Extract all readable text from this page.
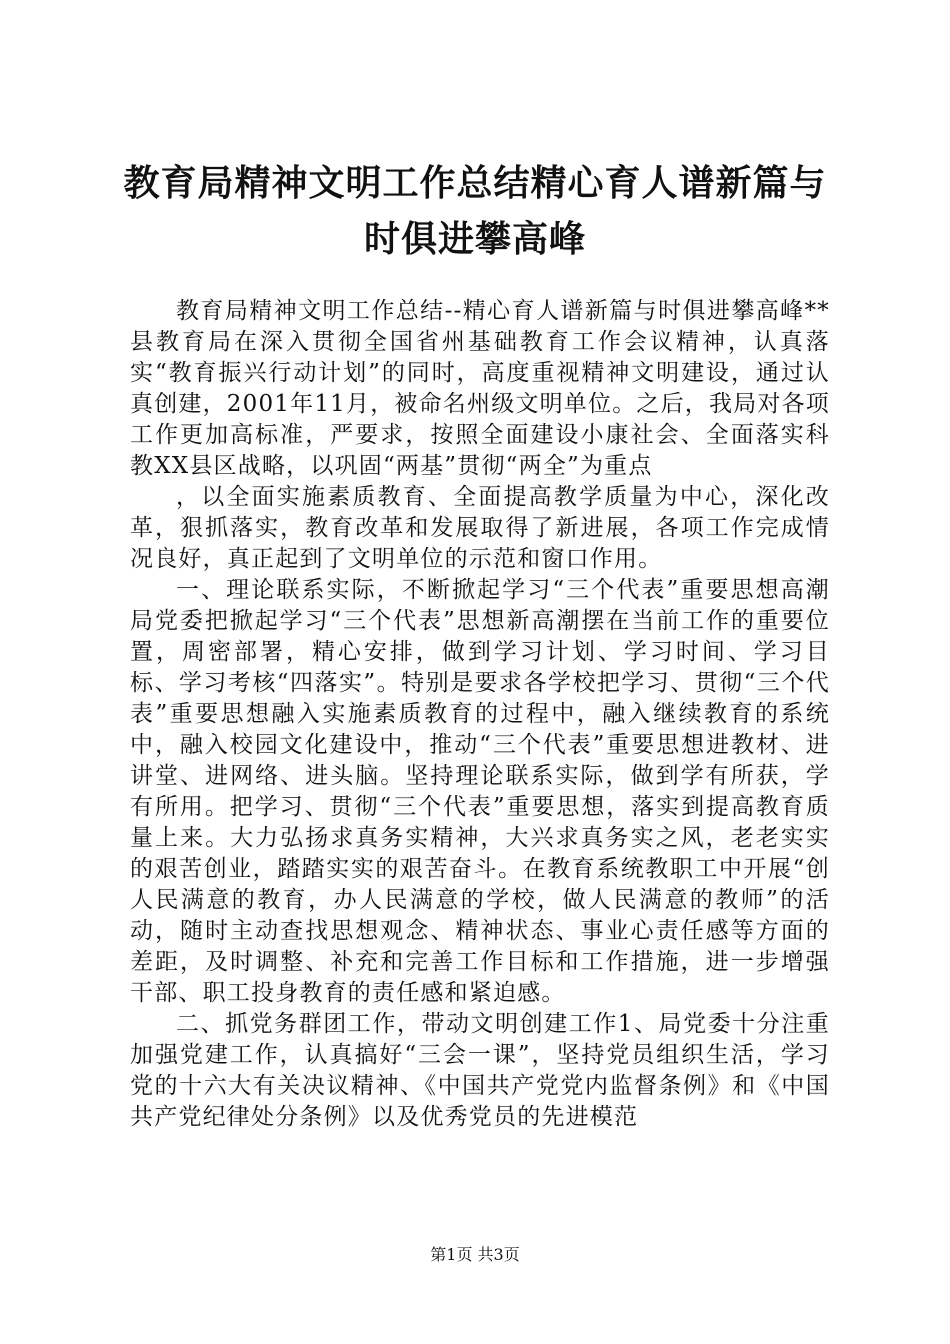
教育局精神文明工作总结精心育人谱新篇与时俱进攀高峰

教育局精神文明工作总结--精心育人谱新篇与时俱进攀高峰**县教育局在深入贯彻全国省州基础教育工作会议精神，认真落实“教育振兴行动计划”的同时，高度重视精神文明建设，通过认真创建，2001年11月，被命名州级文明单位。之后，我局对各项工作更加高标准，严要求，按照全面建设小康社会、全面落实科教XX县区战略，以巩固“两基”贯彻“两全”为重点

，以全面实施素质教育、全面提高教学质量为中心，深化改革，狠抓落实，教育改革和发展取得了新进展，各项工作完成情况良好，真正起到了文明单位的示范和窗口作用。

一、理论联系实际，不断掀起学习“三个代表”重要思想高潮局党委把掀起学习“三个代表”思想新高潮摆在当前工作的重要位置，周密部署，精心安排，做到学习计划、学习时间、学习目标、学习考核“四落实”。特别是要求各学校把学习、贯彻“三个代表”重要思想融入实施素质教育的过程中，融入继续教育的系统中，融入校园文化建设中，推动“三个代表”重要思想进教材、进讲堂、进网络、进头脑。坚持理论联系实际，做到学有所获，学有所用。把学习、贯彻“三个代表”重要思想，落实到提高教育质量上来。大力弘扬求真务实精神，大兴求真务实之风，老老实实的艰苦创业，踏踏实实的艰苦奋斗。在教育系统教职工中开展“创人民满意的教育，办人民满意的学校，做人民满意的教师”的活动，随时主动查找思想观念、精神状态、事业心责任感等方面的差距，及时调整、补充和完善工作目标和工作措施，进一步增强干部、职工投身教育的责任感和紧迫感。

二、抓党务群团工作，带动文明创建工作1、局党委十分注重加强党建工作，认真搞好“三会一课”，坚持党员组织生活，学习党的十六大有关决议精神、《中国共产党党内监督条例》和《中国共产党纪律处分条例》以及优秀党员的先进模范

第1页 共3页
